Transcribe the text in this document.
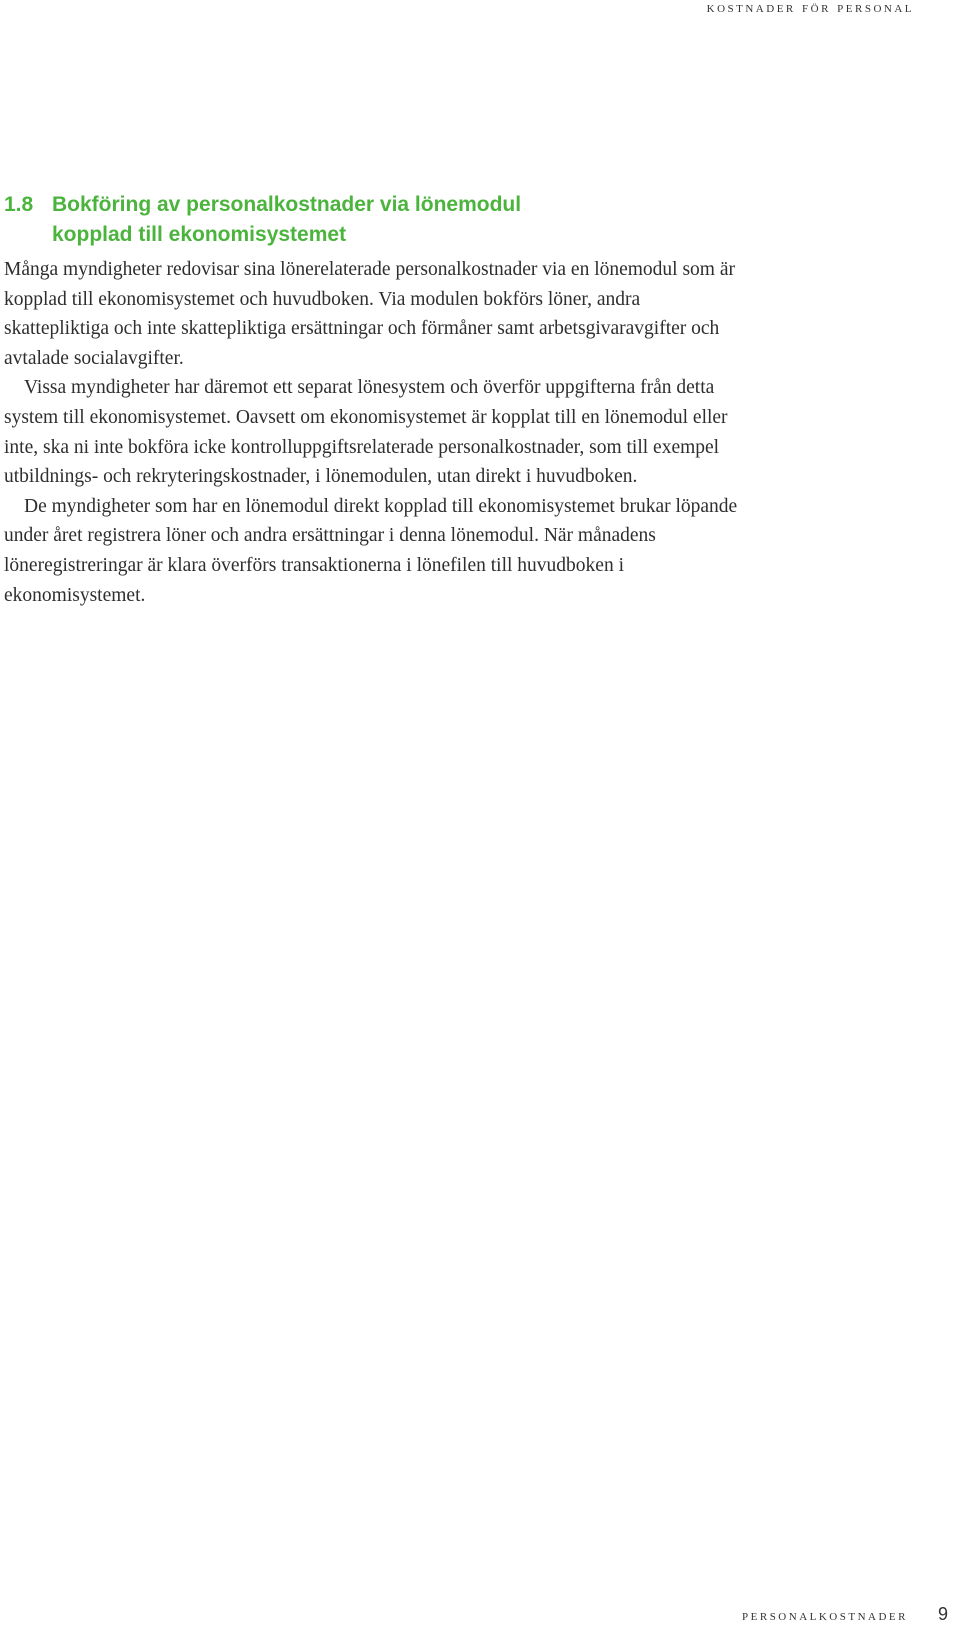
kostnader för personal
1.8 Bokföring av personalkostnader via lönemodul
kopplad till ekonomisystemet

Många myndigheter redovisar sina lönerelaterade personalkostnader via en lönemodul som är kopplad till ekonomisystemet och huvudboken. Via modulen bokförs löner, andra skattepliktiga och inte skattepliktiga ersättningar och förmåner samt arbetsgivaravgifter och avtalade socialavgifter.

Vissa myndigheter har däremot ett separat lönesystem och överför uppgifterna från detta system till ekonomisystemet. Oavsett om ekonomisystemet är kopplat till en lönemodul eller inte, ska ni inte bokföra icke kontrolluppgiftsrelaterade personalkostnader, som till exempel utbildnings- och rekryteringskostnader, i lönemodulen, utan direkt i huvudboken.

De myndigheter som har en lönemodul direkt kopplad till ekonomisystemet brukar löpande under året registrera löner och andra ersättningar i denna lönemodul. När månadens löneregistreringar är klara överförs transaktionerna i lönefilen till huvudboken i ekonomisystemet.

personalkostnader 9
